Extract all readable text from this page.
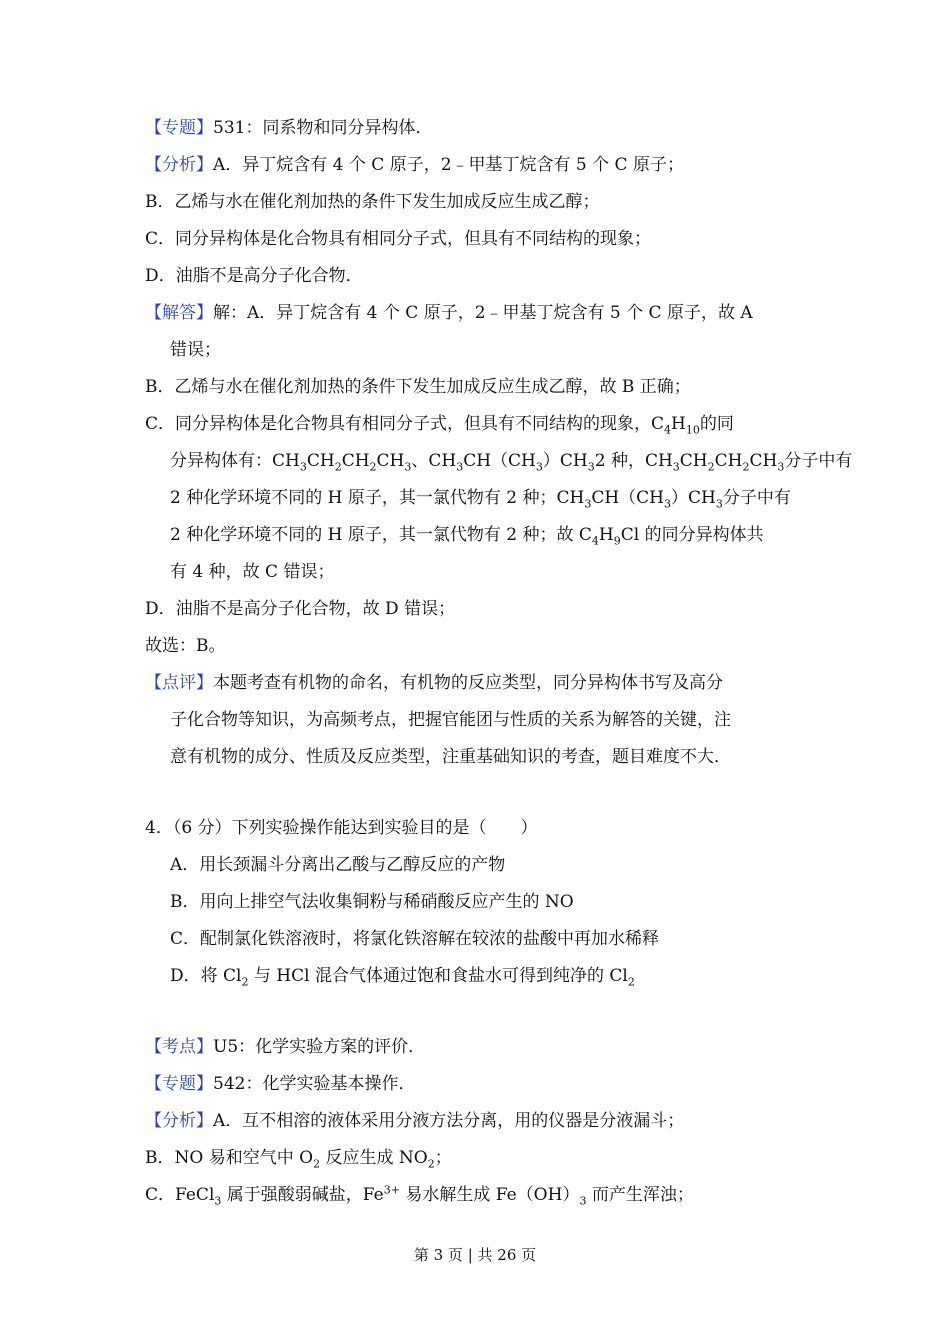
【专题】531：同系物和同分异构体．
【分析】A．异丁烷含有 4 个 C 原子，2﹣甲基丁烷含有 5 个 C 原子；
B．乙烯与水在催化剂加热的条件下发生加成反应生成乙醇；
C．同分异构体是化合物具有相同分子式，但具有不同结构的现象；
D．油脂不是高分子化合物．
【解答】解：A．异丁烷含有 4 个 C 原子，2﹣甲基丁烷含有 5 个 C 原子，故 A
错误；
B．乙烯与水在催化剂加热的条件下发生加成反应生成乙醇，故 B 正确；
C．同分异构体是化合物具有相同分子式，但具有不同结构的现象，$C_4H_{10}$的同
分异构体有：$CH_3CH_2CH_2CH_3$、$CH_3CH(CH_3)CH_32$ 种，$CH_3CH_2CH_2CH_3$分子中有
2 种化学环境不同的 H 原子，其一氯代物有 2 种；$CH_3CH(CH_3)CH_3$分子中有
2 种化学环境不同的 H 原子，其一氯代物有 2 种；故 $C_4H_9Cl$ 的同分异构体共
有 4 种，故 C 错误；
D．油脂不是高分子化合物，故 D 错误；
故选：B。
【点评】本题考查有机物的命名，有机物的反应类型，同分异构体书写及高分
子化合物等知识，为高频考点，把握官能团与性质的关系为解答的关键，注
意有机物的成分、性质及反应类型，注重基础知识的考查，题目难度不大．
4．（6 分）下列实验操作能达到实验目的是（　　）
A．用长颈漏斗分离出乙酸与乙醇反应的产物
B．用向上排空气法收集铜粉与稀硝酸反应产生的 NO
C．配制氯化铁溶液时，将氯化铁溶解在较浓的盐酸中再加水稀释
D．将 $Cl_2$ 与 HCl 混合气体通过饱和食盐水可得到纯净的 $Cl_2$
【考点】U5：化学实验方案的评价．
【专题】542：化学实验基本操作．
【分析】A．互不相溶的液体采用分液方法分离，用的仪器是分液漏斗；
B．NO 易和空气中 $O_2$ 反应生成 $NO_2$；
C．FeCl$_3$ 属于强酸弱碱盐，$Fe^{3+}$ 易水解生成 $Fe(OH)_3$ 而产生浑浊；
第 3 页 | 共 26 页
